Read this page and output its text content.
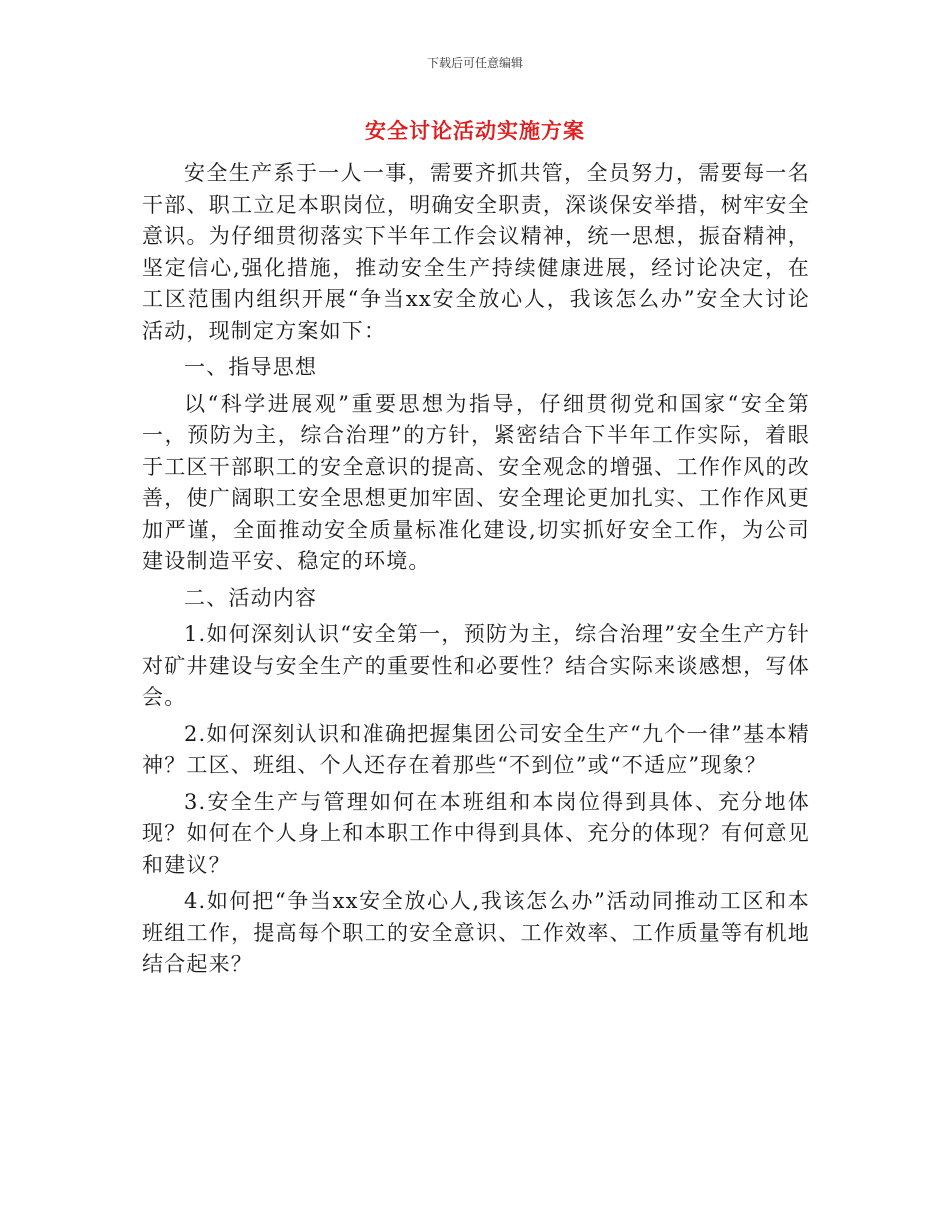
下载后可任意编辑
安全讨论活动实施方案

安全生产系于一人一事，需要齐抓共管，全员努力，需要每一名干部、职工立足本职岗位，明确安全职责，深谈保安举措，树牢安全意识。为仔细贯彻落实下半年工作会议精神，统一思想，振奋精神，坚定信心,强化措施，推动安全生产持续健康进展，经讨论决定，在工区范围内组织开展“争当xx安全放心人，我该怎么办”安全大讨论活动，现制定方案如下：

一、指导思想

以“科学进展观”重要思想为指导，仔细贯彻党和国家“安全第一，预防为主，综合治理”的方针，紧密结合下半年工作实际，着眼于工区干部职工的安全意识的提高、安全观念的增强、工作作风的改善，使广阔职工安全思想更加牢固、安全理论更加扎实、工作作风更加严谨，全面推动安全质量标准化建设,切实抓好安全工作，为公司建设制造平安、稳定的环境。

二、活动内容

1.如何深刻认识“安全第一，预防为主，综合治理”安全生产方针对矿井建设与安全生产的重要性和必要性？结合实际来谈感想，写体会。

2.如何深刻认识和准确把握集团公司安全生产“九个一律”基本精神？工区、班组、个人还存在着那些“不到位”或“不适应”现象？

3.安全生产与管理如何在本班组和本岗位得到具体、充分地体现？如何在个人身上和本职工作中得到具体、充分的体现？有何意见和建议？

4.如何把“争当xx安全放心人,我该怎么办”活动同推动工区和本班组工作，提高每个职工的安全意识、工作效率、工作质量等有机地结合起来？
